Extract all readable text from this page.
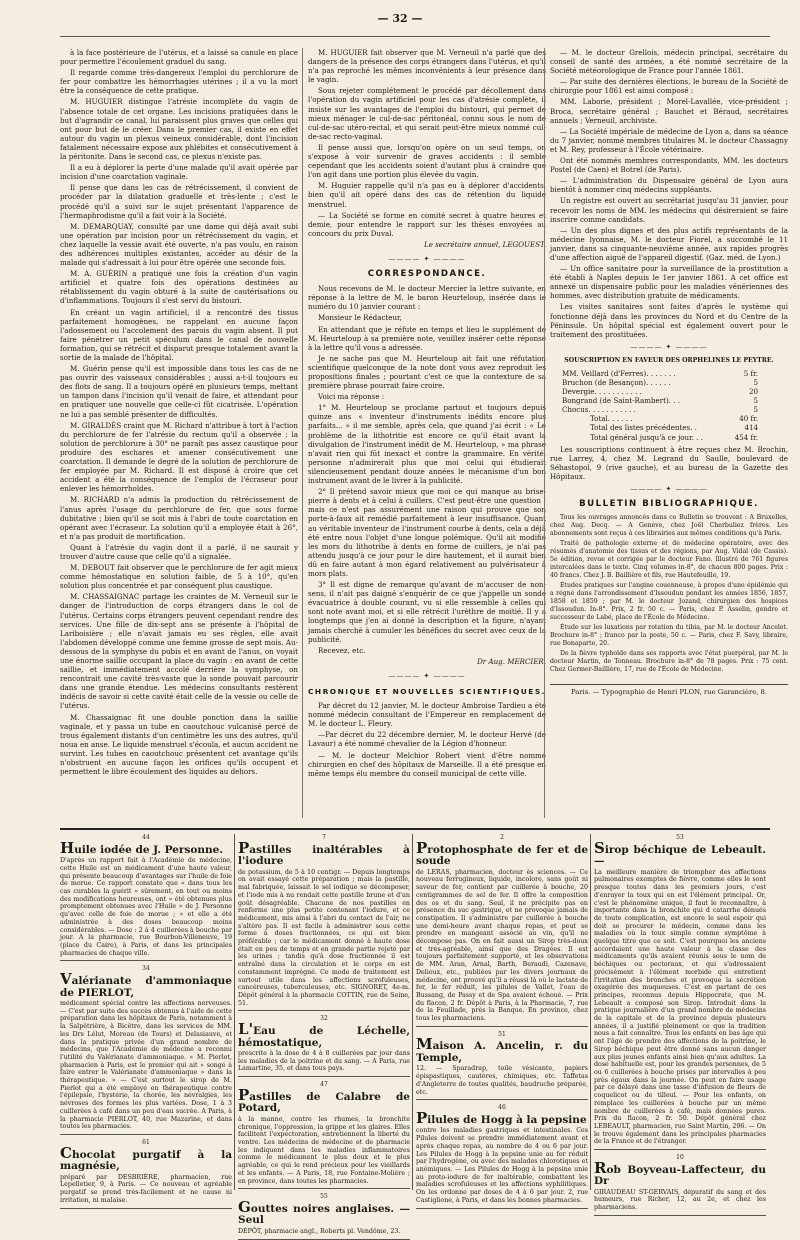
— 32 —

à la face postérieure de l'utérus, et a laissé sa canule en place pour permettre l'écoulement graduel du sang.

Il regarde comme très-dangereux l'emploi du perchlorure de fer pour combattre les hémorrhagies utérines ; il a vu la mort être la conséquence de cette pratique.

M. HUGUIER distingue l'atrésie incomplète du vagin de l'absence totale de cet organe. Les incisions pratiquées dans le but d'agrandir ce canal, lui paraissent plus graves que celles qui ont pour but de le créer. Dans le premier cas, il existe en effet autour du vagin un plexus veineux considérable, dont l'incision fatalement nécessaire expose aux phlébites et consécutivement à la péritonite. Dans le second cas, ce plexus n'existe pas.

Il a eu à déplorer la perte d'une malade qu'il avait opérée par incision d'une coarctation vaginale.

Il pense que dans les cas de rétrécissement, il convient de procéder par la dilatation graduelle et très-lente ; c'est le procédé qu'il a suivi sur le sujet présentant l'apparence de l'hermaphrodisme qu'il a fait voir à la Société.

M. DEMARQUAY, consulté par une dame qui déjà avait subi une opération par incision pour un rétrécissement du vagin, et chez laquelle la vessie avait été ouverte, n'a pas voulu, en raison des adhérences multiples existantes, accéder au désir de la malade qui s'adressait à lui pour être opérée une seconde fois.

M. A. GUÉRIN a pratiqué une fois la création d'un vagin artificiel et quatre fois des opérations destinées au rétablissement du vagin obturé à la suite de cautérisations ou d'inflammations. Toujours il s'est servi du bistouri.

En créant un vagin artificiel, il a rencontré des tissus parfaitement homogènes, ne rappelant en aucune façon l'adossement ou l'accolement des parois du vagin absent. Il put faire pénétrer un petit spéculum dans le canal de nouvelle formation, qui se rétrécit et disparut presque totalement avant la sortie de la malade de l'hôpital.

M. Guérin pense qu'il est impossible dans tous les cas de ne pas ouvrir des vaisseaux considérables ; aussi a-t-il toujours eu des flots de sang. Il a toujours opéré en plusieurs temps, mettant un tampon dans l'incision qu'il venait de faire, et attendant pour en pratiquer une nouvelle que celle-ci fût cicatrisée. L'opération ne lui a pas semblé présenter de difficultés.

M. GIRALDÈS craint que M. Richard n'attribue à tort à l'action du perchlorure de fer l'atrésie du rectum qu'il a observée ; la solution de perchlorure à 30° ne paraît pas assez caustique pour produire des eschares et amener consécutivement une coarctation. Il demande le degré de la solution de perchlorure de fer employée par M. Richard. Il est disposé à croire que cet accident a été la conséquence de l'emploi de l'écraseur pour enlever les hémorrhoïdes.

M. RICHARD n'a admis la production du rétrécissement de l'anus après l'usage du perchlorure de fer, que sous forme dubitative ; bien qu'il se soit mis à l'abri de toute coarctation en opérant avec l'écraseur. La solution qu'il a employée était à 26°, et n'a pas produit de mortification.

Quant à l'atrésie du vagin dont il a parlé, il ne saurait y trouver d'autre cause que celle qu'il a signalée.

M. DEBOUT fait observer que le perchlorure de fer agit mieux comme hémostatique en solution faible, de 5 à 10°, qu'en solution plus concentrée et par conséquent plus caustique.

M. CHASSAIGNAC partage les craintes de M. Verneuil sur le danger de l'introduction de corps étrangers dans le col de l'utérus. Certains corps étrangers peuvent cependant rendre des services. Une fille de dix-sept ans se présente à l'hôpital de Lariboisière ; elle n'avait jamais eu ses règles, elle avait l'abdomen développé comme une femme grosse de sept mois. Au-dessous de la symphyse du pubis et en avant de l'anus, on voyait une énorme saillie occupant la place du vagin : en avant de cette saillie, et immédiatement accolé derrière la symphyse, on rencontrait une cavité très-vaste que la sonde pouvait parcourir dans une grande étendue. Les médecins consultants restèrent indécis de savoir si cette cavité était celle de la vessie ou celle de l'utérus.

M. Chassaignac fit une double ponction dans la saillie vaginale, et y passa un tube en caoutchouc vulcanisé percé de trous également distants d'un centimètre les uns des autres, qu'il noua en anse. Le liquide menstruel s'écoula, et aucun accident ne survint. Les tubes en caoutchouc présentent cet avantage qu'ils n'obstruent en aucune façon les orifices qu'ils occupent et permettent le libre écoulement des liquides au dehors.

M. HUGUIER fait observer que M. Verneuil n'a parlé que des dangers de la présence des corps étrangers dans l'utérus, et qu'il n'a pas reproché les mêmes inconvénients à leur présence dans le vagin.

Sous rejeter complétement le procédé par décollement dans l'opération du vagin artificiel pour les cas d'atrésie complète, il insiste sur les avantages de l'emploi du bistouri, qui permet de mieux ménager le cul-de-sac péritonéal, connu sous le nom de cul-de-sac utéro-rectal, et qui serait peut-être mieux nommé cul-de-sac recto-vaginal.

Il pense aussi que, lorsqu'on opère on un seul temps, on s'expose à voir survenir de graves accidents : il semble cependant que les accidents soient d'autant plus à craindre que l'on agit dans une portion plus élevée du vagin.

M. Huguier rappelle qu'il n'a pas eu à déplorer d'accidents, bien qu'il ait opéré dans des cas de rétention du liquide menstruel.

— La Société se forme en comité secret à quatre heures et demie, pour entendre le rapport sur les thèses envoyées au concours du prix Duval.

Le secrétaire annuel, LEGOUEST.
———— ✦ ————
CORRESPONDANCE.

Nous recevons de M. le docteur Mercier la lettre suivante, en réponse à la lettre de M. le baron Heurteloup, insérée dans le numéro du 10 janvier courant :

Monsieur le Rédacteur,

En attendant que je réfute en temps et lieu le supplément de M. Heurteloup à sa première note, veuillez insérer cette réponse à la lettre qu'il vous a adressée.

Je ne sache pas que M. Heurteloup ait fait une réfutation scientifique quelconque de la note dont vous avez reproduit les propositions finales ; pourtant c'est ce que la contexture de sa première phrase pourrait faire croire.

Voici ma réponse :

1° M. Heurteloup se proclame partout et toujours depuis quinze ans « inventeur d'instruments inédits encore plus parfaits... » il me semble, après cela, que quand j'ai écrit : « Le problème de la lithotritie est encore ce qu'il était avant la divulgation de l'instrument inédit de M. Heurteloup, » ma phrase n'avait rien qui fût inexact et contre la grammaire. En vérité, personne n'admirerait plus que moi celui qui étudierait silencieusement pendant douze années le mécanisme d'un bon instrument avant de le livrer à la publicité.

2° Il prétend savoir mieux que moi ce qui manque au brise-pierre à dents et à celui à cuillers. C'est peut-être une question ; mais ce n'est pas assurément une raison qui prouve que son porte-à-faux ait remédié parfaitement à leur insuffisance. Quant au véritable inventeur de l'instrument courbe à dents, cela a déjà été entre nous l'objet d'une longue polémique. Qu'il ait modifié les mors du lithotribe à dents en forme de cuillers, je n'ai pas attendu jusqu'à ce jour pour le dire hautement, et il aurait bien dû en faire autant à mon égard relativement au pulvérisateur à mors plats.

3° Il est digne de remarque qu'avant de m'accuser de non-sens, il n'ait pas daigné s'enquérir de ce que j'appelle un sonde évacuatrice à double courant, vu si elle ressemble à celles qui sont note avant moi, et si elle rétrécit l'urèthre de moitié. Il y a longtemps que j'en ai donné la description et la figure, n'ayant jamais cherché à cumuler les bénéfices du secret avec ceux de la publicité.

Recevez, etc.

Dr Aug. MERCIER.
———— ✦ ————
CHRONIQUE ET NOUVELLES SCIENTIFIQUES.

Par décret du 12 janvier, M. le docteur Ambroise Tardieu a été nommé médecin consultant de l'Empereur en remplacement de M. le docteur L. Fleury.

—Par décret du 22 décembre dernier, M. le docteur Hervé (de Lavaur) a été nommé chevalier de la Légion d'honneur.

— M. le docteur Melchior Robert vient d'être nommé chirurgien en chef des hôpitaux de Marseille. Il a été presque en même temps élu membre du conseil municipal de cette ville.

— M. le docteur Grellois, médecin principal, secrétaire du conseil de santé des armées, a été nommé secrétaire de la Société météorologique de France pour l'année 1861.

— Par suite des dernières élections, le bureau de la Société de chirurgie pour 1861 est ainsi composé :

MM. Laborie, président ; Morel-Lavallée, vice-président ; Broca, secrétaire général ; Bauchet et Béraud, secrétaires annuels ; Verneuil, archiviste.

— La Société impériale de médecine de Lyon a, dans sa séance du 7 janvier, nommé membres titulaires M. le docteur Chassagny et M. Rey, professeur à l'École vétérinaire.

Ont été nommés membres correspondants, MM. les docteurs Postel (de Caen) et Botrel (de Paris).

— L'administration du Dispensaire général de Lyon aura bientôt à nommer cinq médecins suppléants.

Un registre est ouvert au secrétariat jusqu'au 31 janvier, pour recevoir les noms de MM. les médecins qui désireraient se faire inscrire comme candidats.

— Un des plus dignes et des plus actifs représentants de la médecine lyonnaise, M. le docteur Fiorel, a succombé le 11 janvier, dans sa cinquante-neuvième année, aux rapides progrès d'une affection aiguë de l'appareil digestif. (Gaz. méd. de Lyon.)

— Un office sanitaire pour la surveillance de la prostitution a été établi à Naples depuis le 1er janvier 1861. A cet office est annexé un dispensaire public pour les maladies vénériennes des hommes, avec distribution gratuite de médicaments.

Les visites sanitaires sont faites d'après le système qui fonctionne déjà dans les provinces du Nord et du Centre de la Péninsule. Un hôpital spécial est également ouvert pour le traitement des prostituées.

———— ✦ ————
SOUSCRIPTION EN FAVEUR DES ORPHELINES LE PEYTRE.
MM. Veillard (d'Ferres). . . . . . .	5 fr.
Bruchon (de Besançon). . . . . .	5
Devergie. . . . . . . . . . .	20
Bongrand (de Saint-Rambert). . .	5
Chocus. . . . . . . . . . .	5
Total. . . . . .	40 fr.
Total des listes précédentes. .	414
Total général jusqu'à ce jour. . .	454 fr.

Les souscriptions continuent à être reçues chez M. Brochin, rue Larrey, 4, chez M. Legrand du Saulle, boulevard de Sébastopol, 9 (rive gauche), et au bureau de la Gazette des Hôpitaux.

———— ✦ ————
BULLETIN BIBLIOGRAPHIQUE.

Tous les ouvrages annoncés dans ce Bulletin se trouvent : A Bruxelles, chez Aug. Decq. — A Genève, chez Joël Cherbuliez frères. Les abonnements sont reçus à ces librairies aux mêmes conditions qu'à Paris.

Traité de pathologie externe et de médecine opératoire, avec des résumés d'anatomie des tissus et des régions, par Aug. Vidal (de Cassis). 5e édition, revue et corrigée par le docteur Fano. Illustré de 761 figures intercalées dans le texte. Cinq volumes in-8°, de chacun 800 pages. Prix : 40 francs. Chez J. B. Baillière et fils, rue Hautefeuille, 19.

Études pratiques sur l'angine couenneuse, à propos d'une épidémie qui a régné dans l'arrondissement d'Issoudun pendant les années 1856, 1857, 1858 et 1859 ; par M. le docteur Jozand, chirurgien des hospices d'Issoudun. In-8°. Prix, 2 fr. 50 c. — Paris, chez P. Asselin, gendre et successeur de Labé, place de l'École de Médecine.

Étude sur les luxations par rotation du tibia, par M. le docteur Ancelet. Brochure in-8° ; franco par la poste, 50 c. — Paris, chez F. Savy, libraire, rue Bonaparte, 20.

De la fièvre typhoïde dans ses rapports avec l'état puerpéral, par M. le docteur Martin, de Tonneau. Brochure in-8° de 78 pages. Prix : 75 cent. Chez Germer-Baillière, 17, rue de l'École de Médecine.

Paris. — Typographie de Henri PLON, rue Garancière, 8.
44
Huile iodée de J. Personne.

D'après un rapport fait à l'Académie de médecine, cette Huile est un médicament d'une haute valeur, qui présente beaucoup d'avantages sur l'huile de foie de morue. Ce rapport constate que « dans tous les cas curables la guérit » sûrement, en tout ou moins des modifications heureuses, ont » été obtenues plus promptement obtenues avec l'Huile » de J. Personne qu'avec celle de foie de morue ; » et elle a été administrée à des doses beaucoup moins considérables. — Dose : 2 à 4 cuillerées à bouche par jour. A la pharmacie, rue Bourbon-Villeneuve, 19 (place du Caire), à Paris, et dans les principales pharmacies de chaque ville.

34
Valérianate d'ammoniaque de PIERLOT,

médicament spécial contre les affections nerveuses. — C'est par suite des succès obtenus à l'aide de cette préparation dans les hôpitaux de Paris, notamment à la Salpêtrière, à Bicêtre, dans les services de MM. les Drs Lélut, Moreau (de Tours) et Delasiauve, et dans la pratique privée d'un grand nombre de médecins, que l'Académie de médecine a reconnu l'utilité du Valérianate d'ammoniaque. « M. Pierlot, pharmacien à Paris, est le premier qui ait » songé à faire entrer le Valérianate d'ammoniaque » dans la thérapeutique. » — C'est surtout le sirop de M. Pierlot qui a été employé en thérapeutique contre l'épilepsie, l'hystérie, la chorée, les névralgies, les névroses des formes les plus variées. Dose, 1 à 3 cuillerées à café dans un peu d'eau sucrée. A Paris, à la pharmacie PIERLOT, 40, rue Mazarine, et dans toutes les pharmacies.

61
Chocolat purgatif à la magnésie,

préparé par DESBRIÈRE, pharmacien, rue Lepelletier, 9, à Paris. — Ce nouveau et agréable purgatif se prend très-facilement et ne cause ni irritation, ni malaise.

7
Pastilles inaltérables à l'iodure

de potassium, de 5 à 10 centigr. — Depuis longtemps on avait essayé cette préparation ; mais la pastille, mal fabriquée, laissait le sel iodique se décomposer, et l'iode mis à nu rendait cette pastille brune et d'un goût désagréable. Chacune de nos pastilles en renferme une plus petite contenant l'iodure, et ce médicament, mis ainsi à l'abri du contact de l'air, ne s'altère pas. Il est facile à administrer sous cette forme à doses fractionnées, ce qui est bien préférable ; car le médicament donné à haute dose était en peu de temps et en grande partie rejeté par les urines ; tandis qu'à dose fractionnée il est entraîné dans la circulation et le corps en est constamment imprégné. Ce mode de traitement est surtout utile dans les affections scrofuleuses, cancéreuses, tuberculeuses, etc. SIGNORET, 4e-m. Dépôt général à la pharmacie COTTIN, rue de Seine, 51.

32
L'Eau de Léchelle, hémostatique,

prescrite à la dose de 4 à 8 cuillerées par jour dans les maladies de la poitrine et du sang. — A Paris, rue Lamartine, 35, et dans tous pays.

47
Pastilles de Calabre de Potard,

à la manne, contre les rhumes, la bronchite chronique, l'oppression, la grippe et les glaires. Elles facilitent l'expectoration, entretiennent la liberté du ventre. Les médecins de médecine et de pharmacie les indiquent dans les maladies inflammatoires comme le médicament le plus doux et le plus agréable, ce qui le rend précieux pour les vieillards et les enfants. — A Paris, 18, rue Fontaine-Molière ; en province, dans toutes les pharmacies.

55
Gouttes noires anglaises. — Seul

DÉPÔT, pharmacie angl., Roberts pl. Vendôme, 23.

2
Protophosphate de fer et de soude

de LERAS, pharmacien, docteur ès sciences. — Ce nouveau ferrugineux, liquide, incolore, sans goût ni saveur de fer, contient par cuillerée à bouche, 20 centigrammes de sel de fer. Il offre la composition des os et du sang. Seul, il ne précipite pas en présence du suc gastrique, et ne provoque jamais de constipation. Il s'administre par cuillerée à bouche une demi-heure avant chaque repas, et peut se prendre en mangeant associé au vin, qu'il ne décompose pas. On en fait aussi un Sirop très-doux et très-agréable, ainsi que des Dragées. Il est toujours parfaitement supporté, et les observations de MM. Aran, Arnal, Barth, Beraudi, Cazenave, Delioux, etc., publiées par les divers journaux de médecine, ont prouvé qu'il a réussi là où le lactate de fer, le fer réduit, les pilules de Vallet, l'eau de Bussang, de Passy et de Spa avaient échoué. — Prix du flacon, 2 fr. Dépôt à Paris, à la Pharmacie, 7, rue de la Feuillade, près la Banque. En province, chez tous les pharmaciens.

51
Maison A. Ancelin, r. du Temple,

12. — Sparadrap, toile vésicante, papiers épispastiques, cautères, chimiques, etc. Taffetas d'Angleterre de toutes qualités, baudruche préparée, etc.

46
Pilules de Hogg à la pepsine

contre les maladies gastriques et intestinales. Ces Pilules doivent se prendre immédiatement avant et après chaque repas, au nombre de 4 ou 6 par jour. Les Pilules de Hogg à la pepsine unie au fer réduit par l'hydrogène, ou avec des malades chlorotiques et anémiques. — Les Pilules de Hogg à la pepsine unie au proto-iodure de fer inaltérable, combattent les maladies scrofuleuses et les affections syphilitiques. On les ordonne par doses de 4 à 6 par jour. 2, rue Castiglione, à Paris, et dans les bonnes pharmacies.

53
Sirop béchique de Lebeault. —

La meilleure manière de triompher des affections pulmonaires exemptes de fièvre, comme elles le sont presque toutes dans les premiers jours, c'est d'enrayer la toux qui en est l'élément principal. Or, c'est le phénomène unique, il faut le reconnaître, à importante dans la bronchite qui d catarrhe dénués de toute complication, est encore le seul espoir qui doit se procurer le médecin, comme dans les maladies où la toux simple comme symptôme à quelque titre que ce soit. C'est pourquoi les anciens accordaient une haute valeur à la classe des médicaments qu'ils avaient réunis sous le nom de béchiques ou pectoraux, et qui s'adressaient précisément à l'élément morbide qui entretient l'irritation des bronches et provoque la sécrétion exagérée des muqueuses. C'est en partant de ces principes, reconnus depuis Hippocrate, que M. Lebeault a composé son Sirop. Introduit dans la pratique journalière d'un grand nombre de médecins de la capitale et de la province depuis plusieurs années, il a justifié pleinement ce que la tradition nous a fait connaître. Tous les enfants en bas âge qui ont l'âge de prendre des affections de la poitrine, le Sirop béchique peut être donné sans aucun danger aux plus jeunes enfants ainsi bien qu'aux adultes. La dose habituelle est, pour les grandes personnes, de 5 ou 6 cuillerées à bouche prises par intervalles à peu près égaux dans la journée. On peut en faire usage par ce délayé dans une tasse d'infusion de fleurs de coquelicot ou de tilleul. — Pour les enfants, on remplace les cuillerées à bouche par un même nombre de cuillerées à café, mais données pures. Prix du flacon, 2 fr. 50. Dépôt général chez LEBEAULT, pharmacien, rue Saint Martin, 296. — On le trouve également dans les principales pharmacies de la France et de l'étranger.

10
Rob Boyveau-Laffecteur, du Dr

GIRAUDEAU ST-GERVAIS, dépuratif du sang et des humeurs, rue Richer, 12, au 2e, et chez les pharmaciens.
